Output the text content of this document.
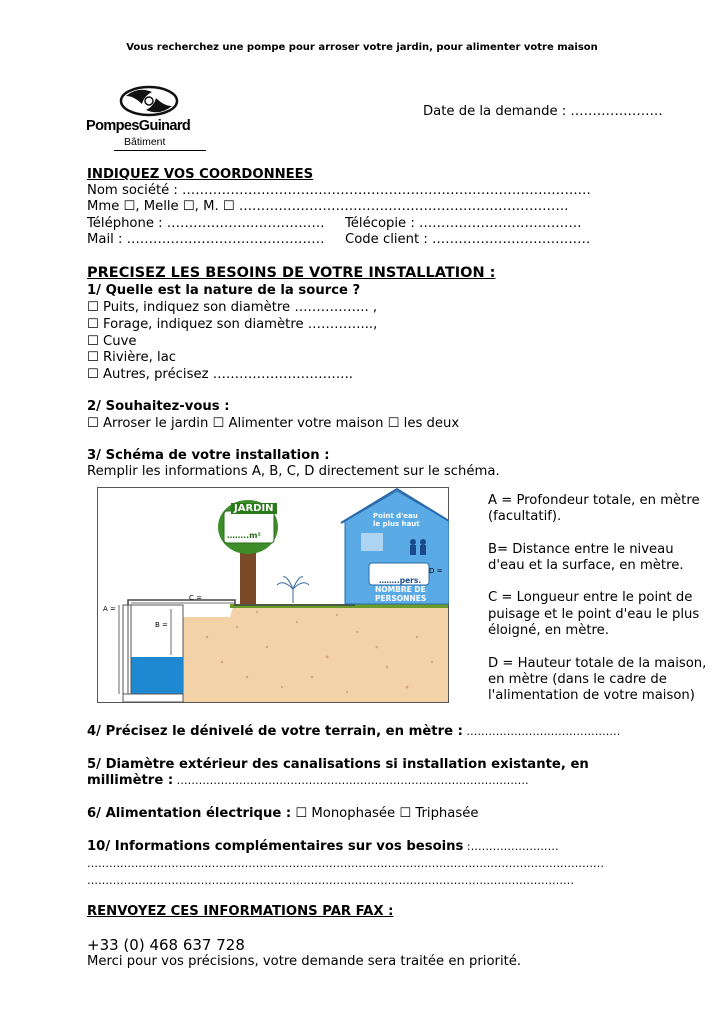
Vous recherchez une pompe pour arroser votre jardin, pour alimenter votre maison
PompesGuinard
Bâtiment
Date de la demande : …………………
INDIQUEZ VOS COORDONNEES
Nom société : …………………………………………………………………………………
Mme ☐, Melle ☐, M. ☐ …………………………………………………………………
Téléphone : ………………..……………. Télécopie : ……………………………….
Mail : ……………………………………… Code client : ………………………………
PRECISEZ LES BESOINS DE VOTRE INSTALLATION :
1/ Quelle est la nature de la source ?
☐ Puits, indiquez son diamètre …………….. ,
☐ Forage, indiquez son diamètre …………...,
☐ Cuve
☐ Rivière, lac
☐ Autres, précisez …………………………..
2/ Souhaitez-vous :
☐ Arroser le jardin ☐ Alimenter votre maison ☐ les deux
3/ Schéma de votre installation :
Remplir les informations A, B, C, D directement sur le schéma.
JARDIN
……..m²
Point d'eau
le plus haut
……..pers.
NOMBRE DE
PERSONNES
A =
B =
C =
D =
A = Profondeur totale, en mètre
(facultatif).
B= Distance entre le niveau
d'eau et la surface, en mètre.
C = Longueur entre le point de
puisage et le point d'eau le plus
éloigné, en mètre.
D = Hauteur totale de la maison,
en mètre (dans le cadre de
l'alimentation de votre maison)
4/ Précisez le dénivelé de votre terrain, en mètre : ……………………………………
5/ Diamètre extérieur des canalisations si installation existante, en
millimètre : ……………………………………………………………………………………
6/ Alimentation électrique : ☐ Monophasée ☐ Triphasée
10/ Informations complémentaires sur vos besoins :……………………
……………………………………………………………………………………………………………………………
………………………………………………………………………………………………..…..………………
RENVOYEZ CES INFORMATIONS PAR FAX :
+33 (0) 468 637 728
Merci pour vos précisions, votre demande sera traitée en priorité.
